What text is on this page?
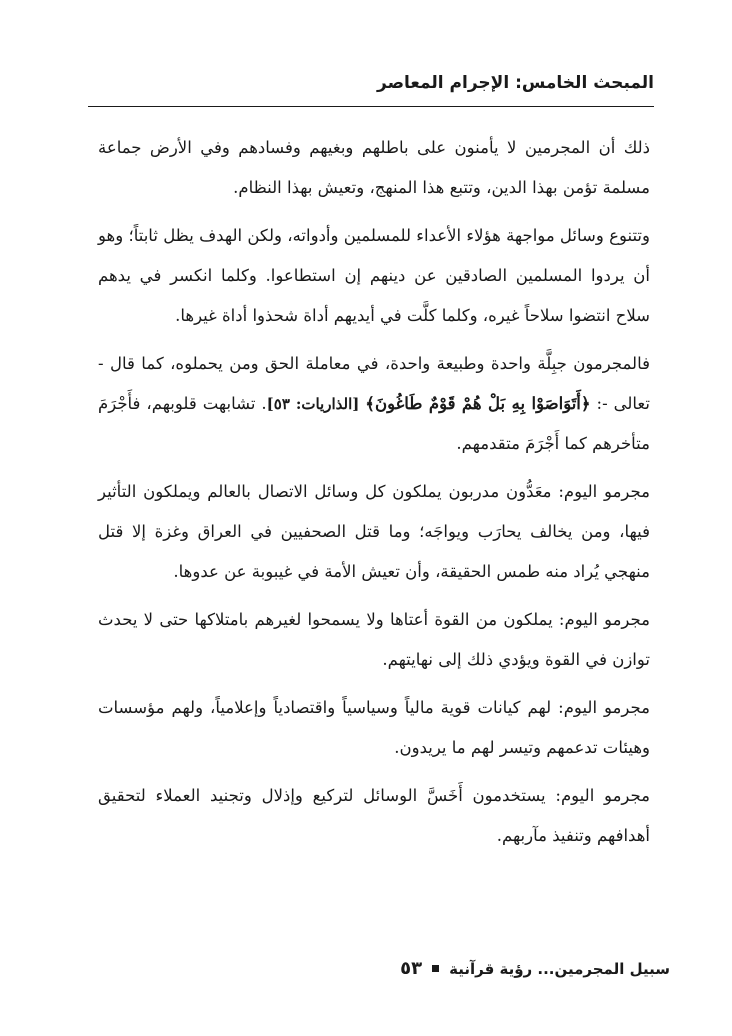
المبحث الخامس: الإجرام المعاصر

ذلك أن المجرمين لا يأمنون على باطلهم وبغيهم وفسادهم وفي الأرض جماعة مسلمة تؤمن بهذا الدين، وتتبع هذا المنهج، وتعيش بهذا النظام.

وتتنوع وسائل مواجهة هؤلاء الأعداء للمسلمين وأدواته، ولكن الهدف يظل ثابتاً؛ وهو أن يردوا المسلمين الصادقين عن دينهم إن استطاعوا. وكلما انكسر في يدهم سلاح انتضوا سلاحاً غيره، وكلما كلَّت في أيديهم أداة شحذوا أداة غيرها.

فالمجرمون جبِلَّة واحدة وطبيعة واحدة، في معاملة الحق ومن يحملوه، كما قال - تعالى -: ﴿أَتَوَاصَوْا بِهِ بَلْ هُمْ قَوْمٌ طَاغُونَ﴾ [الذاريات: ٥٣]. تشابهت قلوبهم، فأَجْرَمَ متأخرهم كما أَجْرَمَ متقدمهم.

مجرمو اليوم: معَدُّون مدربون يملكون كل وسائل الاتصال بالعالم ويملكون التأثير فيها، ومن يخالف يحارَب ويواجَه؛ وما قتل الصحفيين في العراق وغزة إلا قتل منهجي يُراد منه طمس الحقيقة، وأن تعيش الأمة في غيبوبة عن عدوها.

مجرمو اليوم: يملكون من القوة أعتاها ولا يسمحوا لغيرهم بامتلاكها حتى لا يحدث توازن في القوة ويؤدي ذلك إلى نهايتهم.

مجرمو اليوم: لهم كيانات قوية مالياً وسياسياً واقتصادياً وإعلامياً، ولهم مؤسسات وهيئات تدعمهم وتيسر لهم ما يريدون.

مجرمو اليوم: يستخدمون أَخَسَّ الوسائل لتركيع وإذلال وتجنيد العملاء لتحقيق أهدافهم وتنفيذ مآربهم.

سبيل المجرمين... رؤية قرآنية
٥٣
